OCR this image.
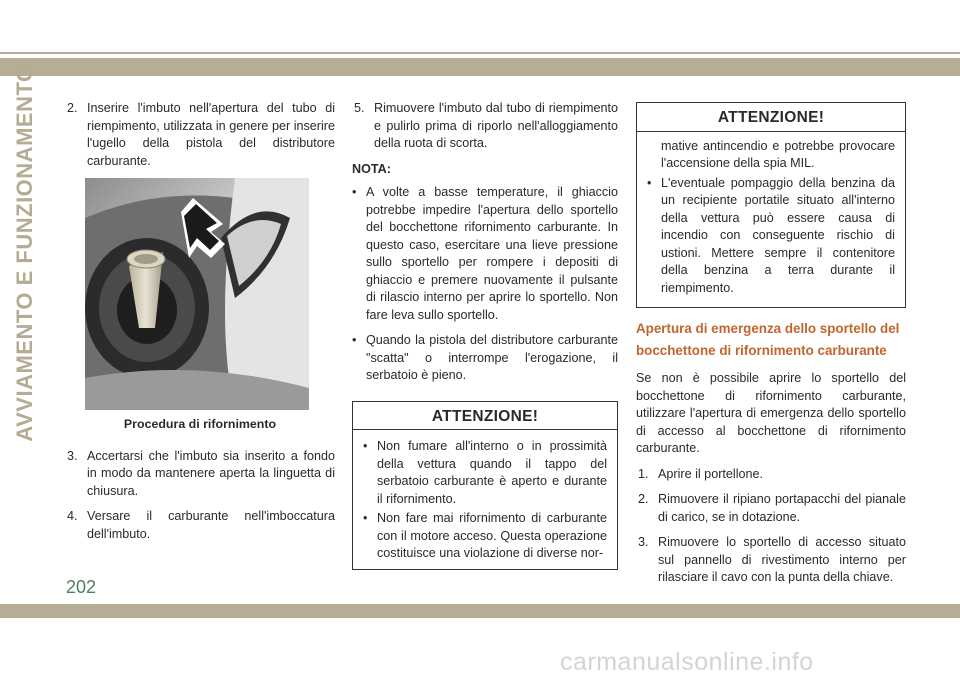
AVVIAMENTO E FUNZIONAMENTO 2. Inserire l'imbuto nell'apertura del tubo di riempimento, utilizzata in genere per inserire l'ugello della pistola del distributore carburante.
Procedura di rifornimento
3. Accertarsi che l'imbuto sia inserito a fondo in modo da mantenere aperta la linguetta di chiusura.
4. Versare il carburante nell'imboccatura dell'imbuto.
5. Rimuovere l'imbuto dal tubo di riempimento e pulirlo prima di riporlo nell'alloggiamento della ruota di scorta.
NOTA:
• A volte a basse temperature, il ghiaccio potrebbe impedire l'apertura dello sportello del bocchettone rifornimento carburante. In questo caso, esercitare una lieve pressione sullo sportello per rompere i depositi di ghiaccio e premere nuovamente il pulsante di rilascio interno per aprire lo sportello. Non fare leva sullo sportello.
• Quando la pistola del distributore carburante "scatta" o interrompe l'erogazione, il serbatoio è pieno.
ATTENZIONE!
• Non fumare all'interno o in prossimità della vettura quando il tappo del serbatoio carburante è aperto e durante il rifornimento.
• Non fare mai rifornimento di carburante con il motore acceso. Questa operazione costituisce una violazione di diverse nor-
ATTENZIONE!
mative antincendio e potrebbe provocare l'accensione della spia MIL.
• L'eventuale pompaggio della benzina da un recipiente portatile situato all'interno della vettura può essere causa di incendio con conseguente rischio di ustioni. Mettere sempre il contenitore della benzina a terra durante il riempimento.
Apertura di emergenza dello sportello del bocchettone di rifornimento carburante
Se non è possibile aprire lo sportello del bocchettone di rifornimento carburante, utilizzare l'apertura di emergenza dello sportello di accesso al bocchettone di rifornimento carburante.
1. Aprire il portellone.
2. Rimuovere il ripiano portapacchi del pianale di carico, se in dotazione.
3. Rimuovere lo sportello di accesso situato sul pannello di rivestimento interno per rilasciare il cavo con la punta della chiave.
202
carmanualsonline.info
